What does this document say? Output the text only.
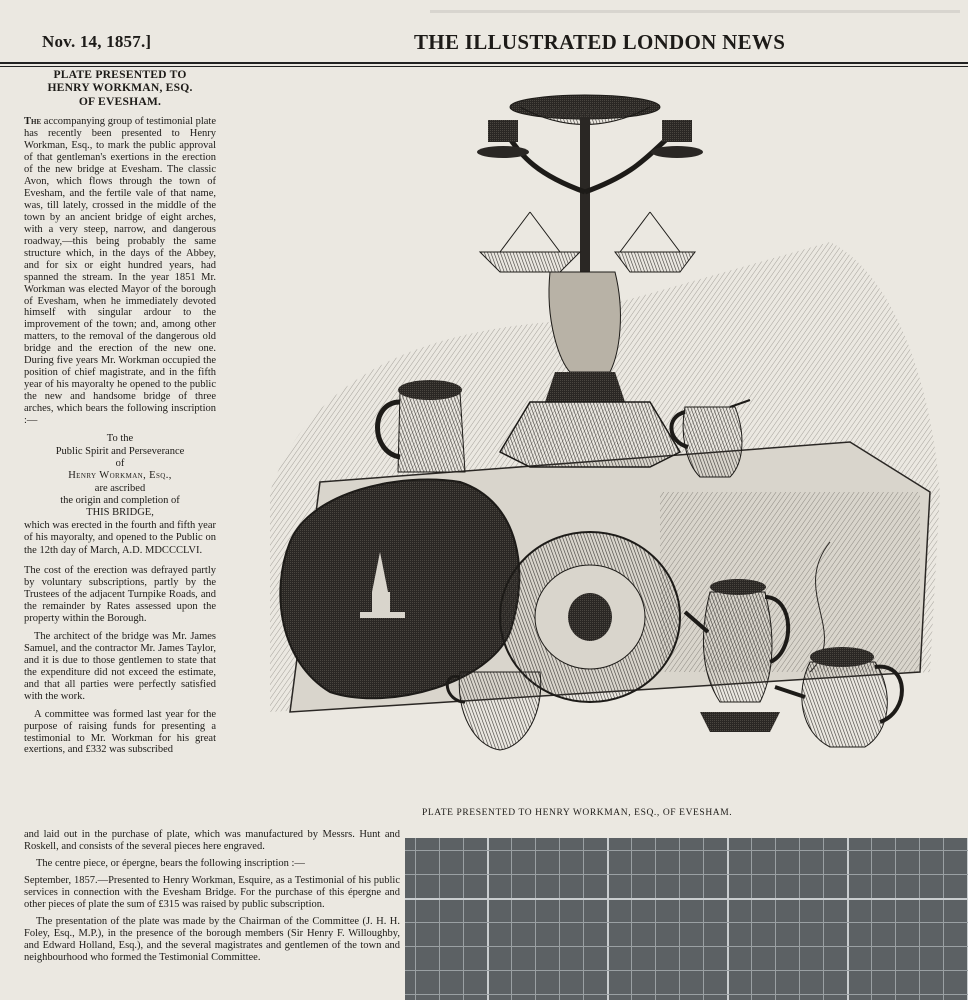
Nov. 14, 1857.]	THE ILLUSTRATED LONDON NEWS
PLATE PRESENTED TO
HENRY WORKMAN, ESQ.
OF EVESHAM.

The accompanying group of testimonial plate has recently been presented to Henry Workman, Esq., to mark the public approval of that gentleman's exertions in the erection of the new bridge at Evesham. The classic Avon, which flows through the town of Evesham, and the fertile vale of that name, was, till lately, crossed in the middle of the town by an ancient bridge of eight arches, with a very steep, narrow, and dangerous roadway,—this being probably the same structure which, in the days of the Abbey, and for six or eight hundred years, had spanned the stream. In the year 1851 Mr. Workman was elected Mayor of the borough of Evesham, when he immediately devoted himself with singular ardour to the improvement of the town; and, among other matters, to the removal of the dangerous old bridge and the erection of the new one. During five years Mr. Workman occupied the position of chief magistrate, and in the fifth year of his mayoralty he opened to the public the new and handsome bridge of three arches, which bears the following inscription :—

To the
Public Spirit and Perseverance
of
Henry Workman, Esq.,
are ascribed
the origin and completion of
THIS BRIDGE,
which was erected in the fourth and fifth year of his mayoralty, and opened to the Public on the 12th day of March, A.D. MDCCCLVI.

The cost of the erection was defrayed partly by voluntary subscriptions, partly by the Trustees of the adjacent Turnpike Roads, and the remainder by Rates assessed upon the property within the Borough.

The architect of the bridge was Mr. James Samuel, and the contractor Mr. James Taylor, and it is due to those gentlemen to state that the expenditure did not exceed the estimate, and that all parties were perfectly satisfied with the work.

A committee was formed last year for the purpose of raising funds for presenting a testimonial to Mr. Workman for his great exertions, and £332 was subscribed

and laid out in the purchase of plate, which was manufactured by Messrs. Hunt and Roskell, and consists of the several pieces here engraved.

The centre piece, or épergne, bears the following inscription :—

September, 1857.—Presented to Henry Workman, Esquire, as a Testimonial of his public services in connection with the Evesham Bridge. For the purchase of this épergne and other pieces of plate the sum of £315 was raised by public subscription.

The presentation of the plate was made by the Chairman of the Committee (J. H. H. Foley, Esq., M.P.), in the presence of the borough members (Sir Henry F. Willoughby, and Edward Holland, Esq.), and the several magistrates and gentlemen of the town and neighbourhood who formed the Testimonial Committee.

PLATE PRESENTED TO HENRY WORKMAN, ESQ., OF EVESHAM.
